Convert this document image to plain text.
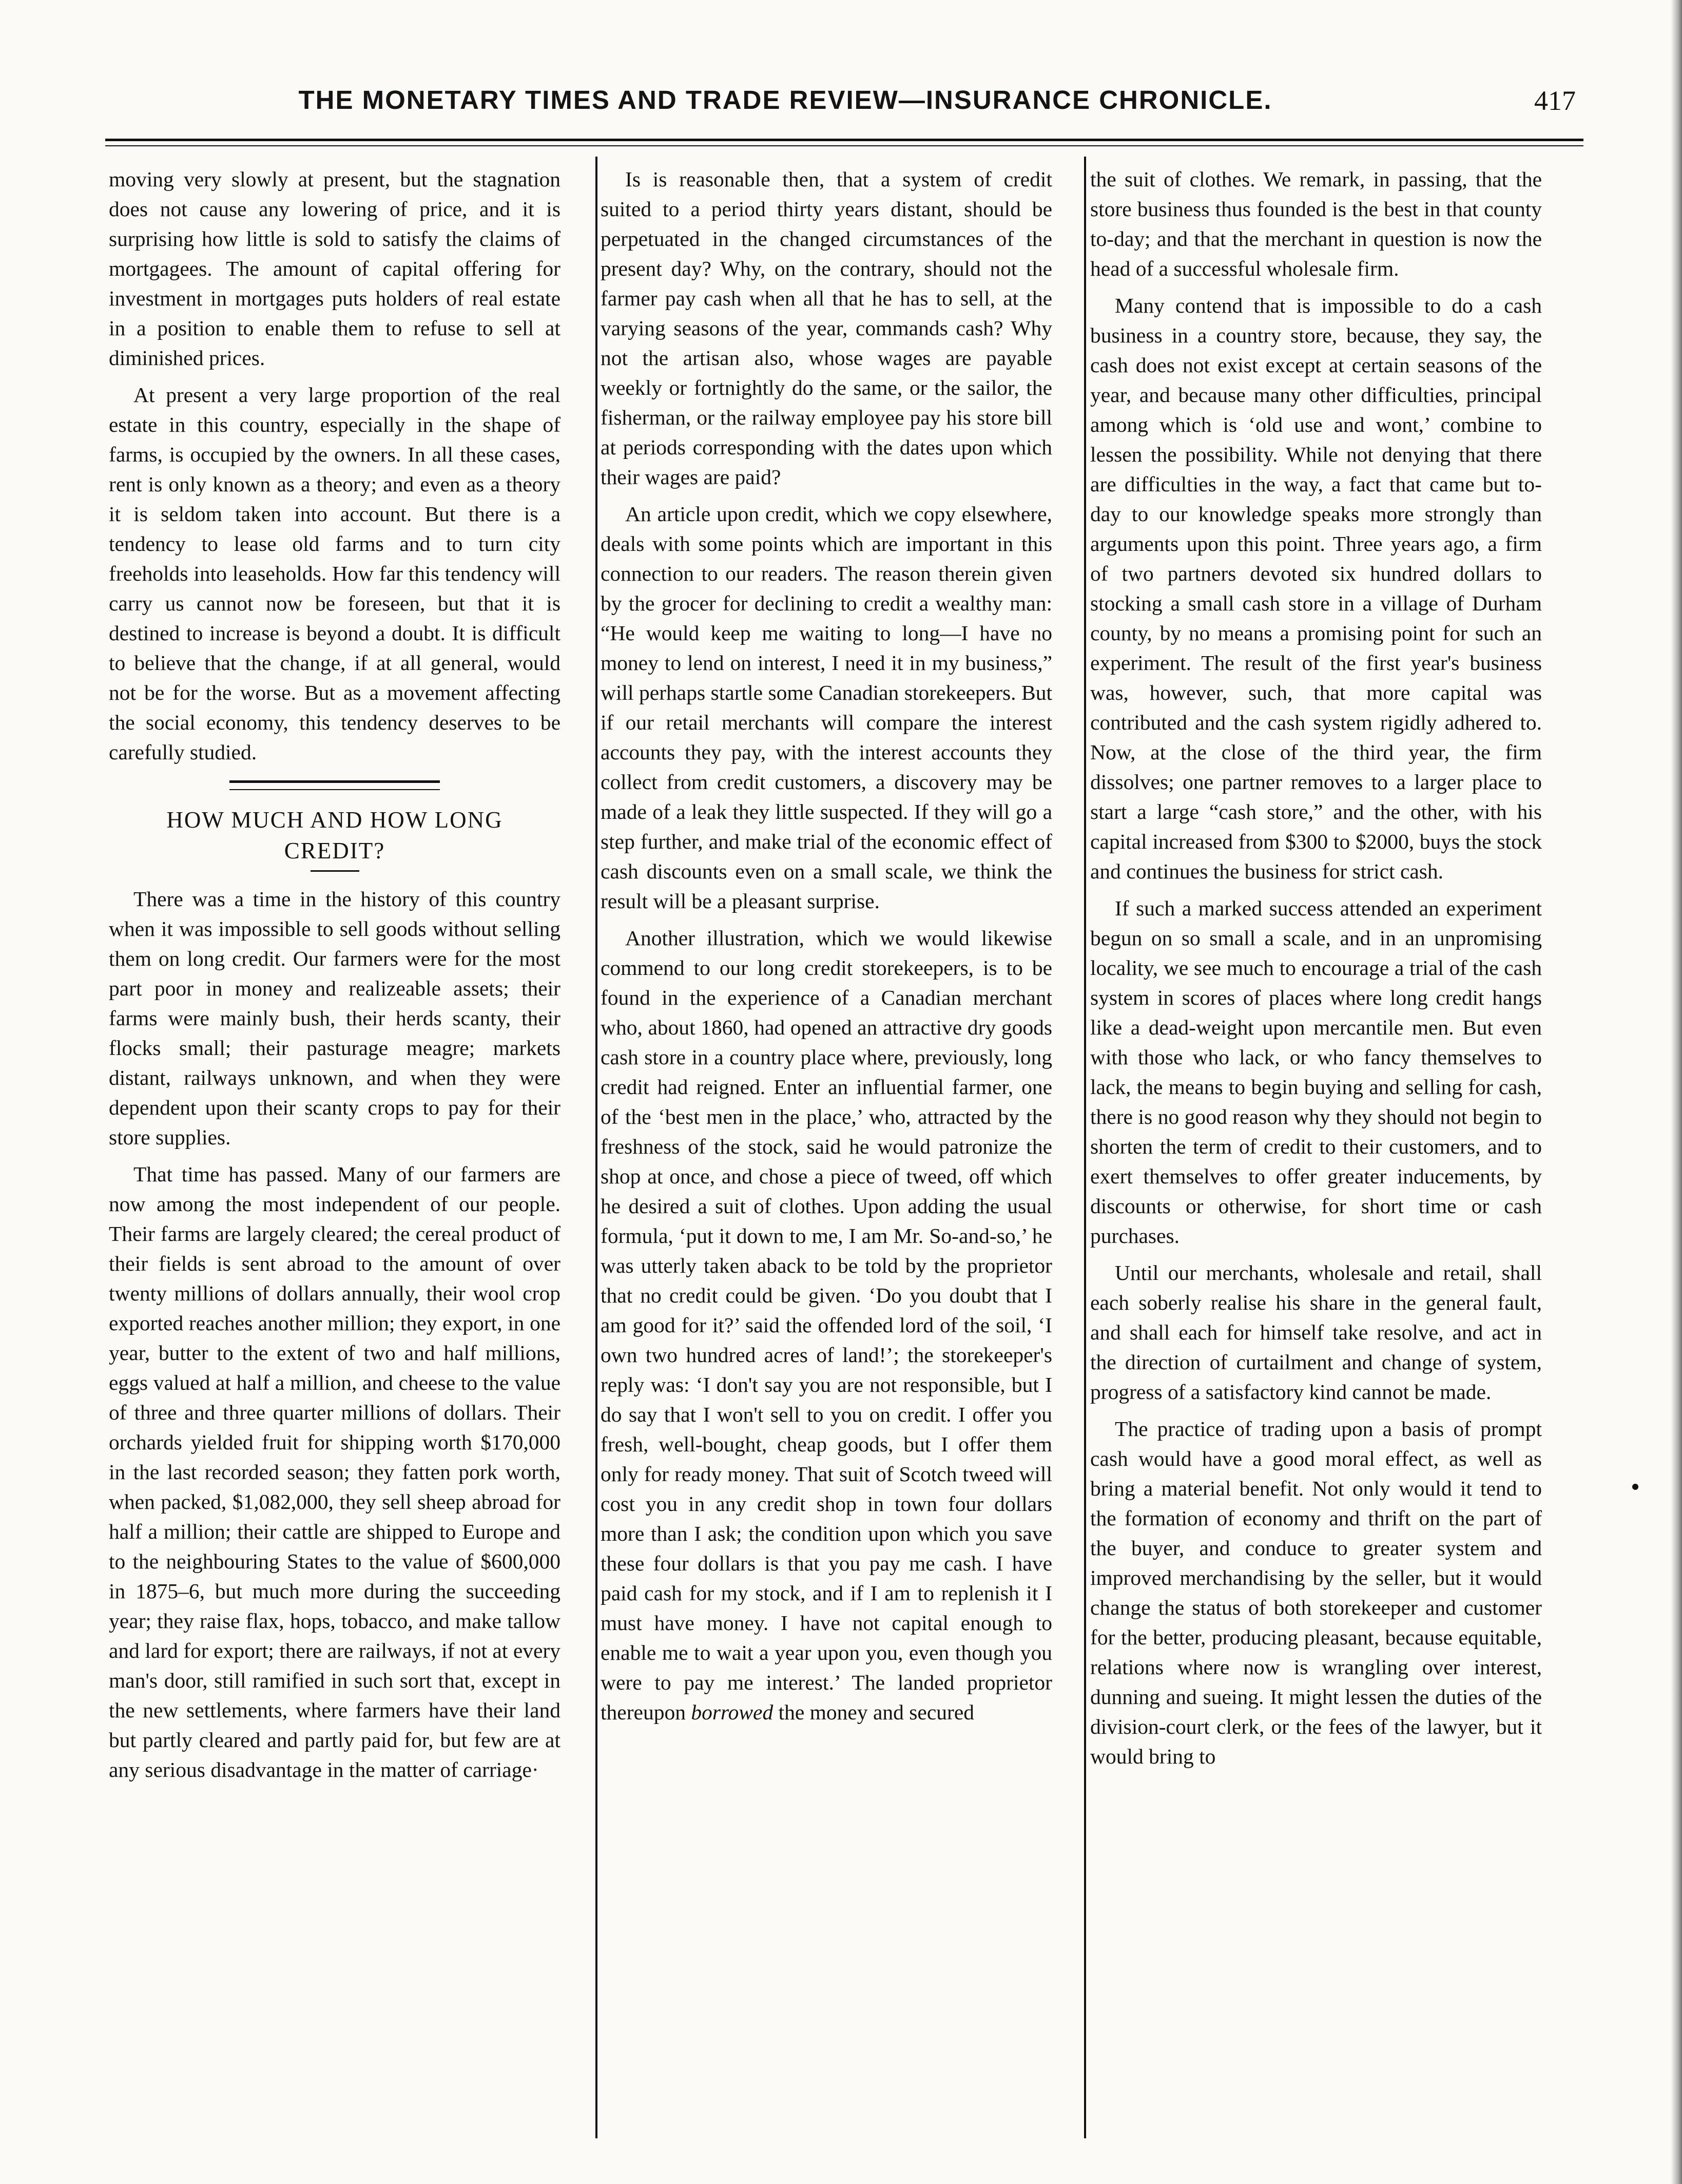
THE MONETARY TIMES AND TRADE REVIEW—INSURANCE CHRONICLE.	417

moving very slowly at present, but the stagnation does not cause any lowering of price, and it is surprising how little is sold to satisfy the claims of mortgagees. The amount of capital offering for investment in mortgages puts holders of real estate in a position to enable them to refuse to sell at diminished prices.

At present a very large proportion of the real estate in this country, especially in the shape of farms, is occupied by the owners. In all these cases, rent is only known as a theory; and even as a theory it is seldom taken into account. But there is a tendency to lease old farms and to turn city freeholds into leaseholds. How far this tendency will carry us cannot now be foreseen, but that it is destined to increase is beyond a doubt. It is difficult to believe that the change, if at all general, would not be for the worse. But as a movement affecting the social economy, this tendency deserves to be carefully studied.

HOW MUCH AND HOW LONG
CREDIT?

There was a time in the history of this country when it was impossible to sell goods without selling them on long credit. Our farmers were for the most part poor in money and realizeable assets; their farms were mainly bush, their herds scanty, their flocks small; their pasturage meagre; markets distant, railways unknown, and when they were dependent upon their scanty crops to pay for their store supplies.

That time has passed. Many of our farmers are now among the most independent of our people. Their farms are largely cleared; the cereal product of their fields is sent abroad to the amount of over twenty millions of dollars annually, their wool crop exported reaches another million; they export, in one year, butter to the extent of two and half millions, eggs valued at half a million, and cheese to the value of three and three quarter millions of dollars. Their orchards yielded fruit for shipping worth $170,000 in the last recorded season; they fatten pork worth, when packed, $1,082,000, they sell sheep abroad for half a million; their cattle are shipped to Europe and to the neighbouring States to the value of $600,000 in 1875–6, but much more during the succeeding year; they raise flax, hops, tobacco, and make tallow and lard for export; there are railways, if not at every man's door, still ramified in such sort that, except in the new settlements, where farmers have their land but partly cleared and partly paid for, but few are at any serious disadvantage in the matter of carriage·

Is is reasonable then, that a system of credit suited to a period thirty years distant, should be perpetuated in the changed circumstances of the present day? Why, on the contrary, should not the farmer pay cash when all that he has to sell, at the varying seasons of the year, commands cash? Why not the artisan also, whose wages are payable weekly or fortnightly do the same, or the sailor, the fisherman, or the railway employee pay his store bill at periods corresponding with the dates upon which their wages are paid?

An article upon credit, which we copy elsewhere, deals with some points which are important in this connection to our readers. The reason therein given by the grocer for declining to credit a wealthy man: “He would keep me waiting to long—I have no money to lend on interest, I need it in my business,” will perhaps startle some Canadian storekeepers. But if our retail merchants will compare the interest accounts they pay, with the interest accounts they collect from credit customers, a discovery may be made of a leak they little suspected. If they will go a step further, and make trial of the economic effect of cash discounts even on a small scale, we think the result will be a pleasant surprise.

Another illustration, which we would likewise commend to our long credit storekeepers, is to be found in the experience of a Canadian merchant who, about 1860, had opened an attractive dry goods cash store in a country place where, previously, long credit had reigned. Enter an influential farmer, one of the ‘best men in the place,’ who, attracted by the freshness of the stock, said he would patronize the shop at once, and chose a piece of tweed, off which he desired a suit of clothes. Upon adding the usual formula, ‘put it down to me, I am Mr. So-and-so,’ he was utterly taken aback to be told by the proprietor that no credit could be given. ‘Do you doubt that I am good for it?’ said the offended lord of the soil, ‘I own two hundred acres of land!’; the storekeeper's reply was: ‘I don't say you are not responsible, but I do say that I won't sell to you on credit. I offer you fresh, well-bought, cheap goods, but I offer them only for ready money. That suit of Scotch tweed will cost you in any credit shop in town four dollars more than I ask; the condition upon which you save these four dollars is that you pay me cash. I have paid cash for my stock, and if I am to replenish it I must have money. I have not capital enough to enable me to wait a year upon you, even though you were to pay me interest.’ The landed proprietor thereupon borrowed the money and secured

the suit of clothes. We remark, in passing, that the store business thus founded is the best in that county to-day; and that the merchant in question is now the head of a successful wholesale firm.

Many contend that is impossible to do a cash business in a country store, because, they say, the cash does not exist except at certain seasons of the year, and because many other difficulties, principal among which is ‘old use and wont,’ combine to lessen the possibility. While not denying that there are difficulties in the way, a fact that came but to-day to our knowledge speaks more strongly than arguments upon this point. Three years ago, a firm of two partners devoted six hundred dollars to stocking a small cash store in a village of Durham county, by no means a promising point for such an experiment. The result of the first year's business was, however, such, that more capital was contributed and the cash system rigidly adhered to. Now, at the close of the third year, the firm dissolves; one partner removes to a larger place to start a large “cash store,” and the other, with his capital increased from $300 to $2000, buys the stock and continues the business for strict cash.

If such a marked success attended an experiment begun on so small a scale, and in an unpromising locality, we see much to encourage a trial of the cash system in scores of places where long credit hangs like a dead-weight upon mercantile men. But even with those who lack, or who fancy themselves to lack, the means to begin buying and selling for cash, there is no good reason why they should not begin to shorten the term of credit to their customers, and to exert themselves to offer greater inducements, by discounts or otherwise, for short time or cash purchases.

Until our merchants, wholesale and retail, shall each soberly realise his share in the general fault, and shall each for himself take resolve, and act in the direction of curtailment and change of system, progress of a satisfactory kind cannot be made.

The practice of trading upon a basis of prompt cash would have a good moral effect, as well as bring a material benefit. Not only would it tend to the formation of economy and thrift on the part of the buyer, and conduce to greater system and improved merchandising by the seller, but it would change the status of both storekeeper and customer for the better, producing pleasant, because equitable, relations where now is wrangling over interest, dunning and sueing. It might lessen the duties of the division-court clerk, or the fees of the lawyer, but it would bring to
